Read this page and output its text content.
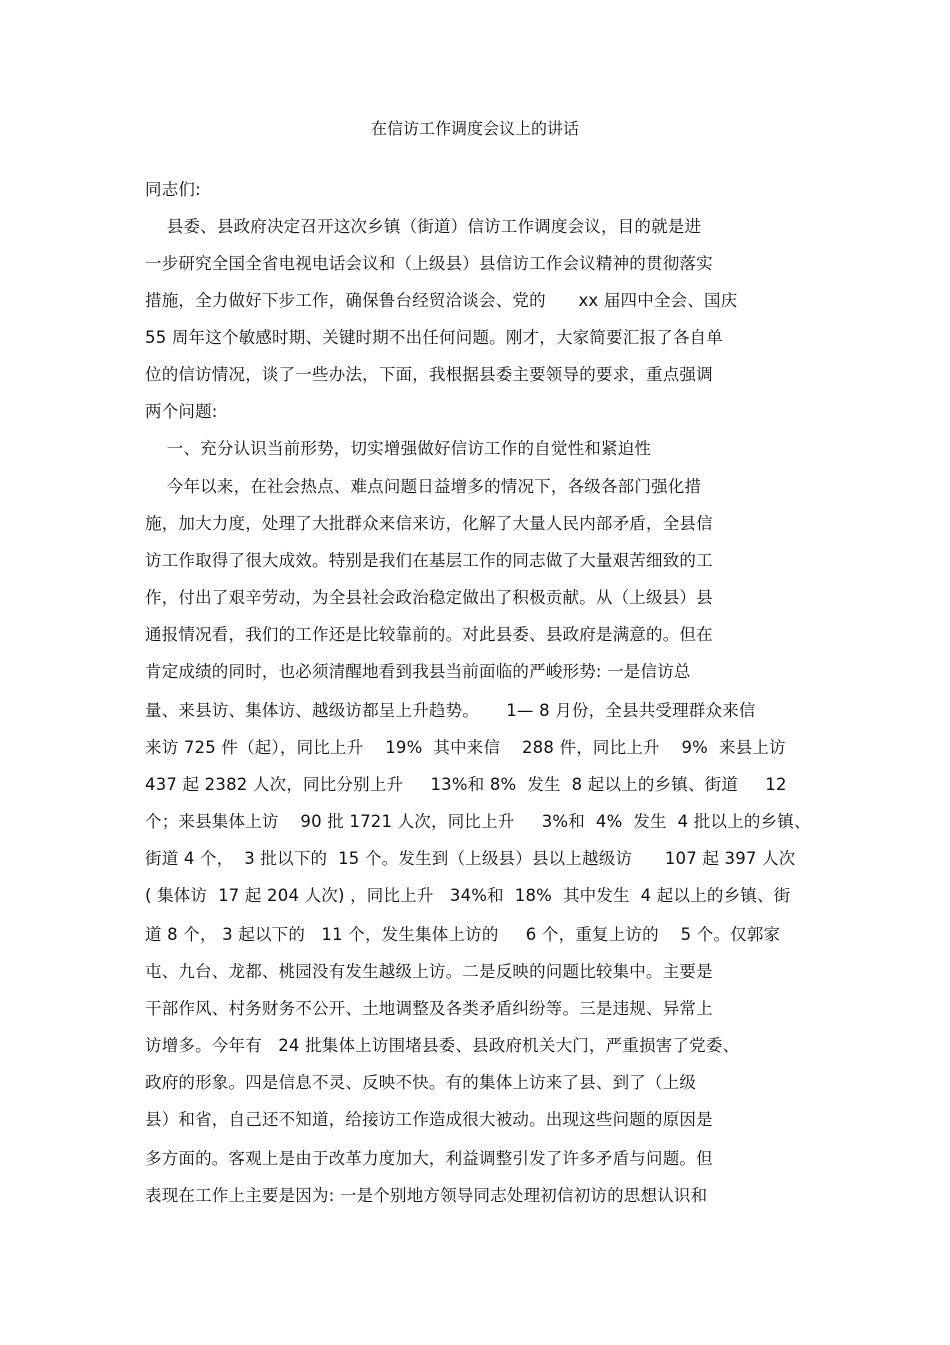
在信访工作调度会议上的讲话
同志们:
县委、县政府决定召开这次乡镇（街道）信访工作调度会议，目的就是进
一步研究全国全省电视电话会议和（上级县）县信访工作会议精神的贯彻落实
措施，全力做好下步工作，确保鲁台经贸洽谈会、党的      xx 届四中全会、国庆
55 周年这个敏感时期、关键时期不出任何问题。刚才，大家简要汇报了各自单
位的信访情况，谈了一些办法，下面，我根据县委主要领导的要求，重点强调
两个问题:
一、充分认识当前形势，切实增强做好信访工作的自觉性和紧迫性
今年以来，在社会热点、难点问题日益增多的情况下，各级各部门强化措
施，加大力度，处理了大批群众来信来访，化解了大量人民内部矛盾，全县信
访工作取得了很大成效。特别是我们在基层工作的同志做了大量艰苦细致的工
作，付出了艰辛劳动，为全县社会政治稳定做出了积极贡献。从（上级县）县
通报情况看，我们的工作还是比较靠前的。对此县委、县政府是满意的。但在
肯定成绩的同时，也必须清醒地看到我县当前面临的严峻形势: 一是信访总
量、来县访、集体访、越级访都呈上升趋势。     1— 8 月份，全县共受理群众来信
来访 725 件（起），同比上升    19%  其中来信    288 件，同比上升    9%  来县上访
437 起 2382 人次，同比分别上升     13%和 8%  发生  8 起以上的乡镇、街道     12
个；来县集体上访    90 批 1721 人次，同比上升     3%和  4%  发生  4 批以上的乡镇、
街道 4 个，  3 批以下的  15 个。发生到（上级县）县以上越级访      107 起 397 人次
( 集体访  17 起 204 人次) ，同比上升   34%和  18%  其中发生  4 起以上的乡镇、街
道 8 个， 3 起以下的   11 个，发生集体上访的     6 个，重复上访的    5 个。仅郭家
屯、九台、龙都、桃园没有发生越级上访。二是反映的问题比较集中。主要是
干部作风、村务财务不公开、土地调整及各类矛盾纠纷等。三是违规、异常上
访增多。今年有   24 批集体上访围堵县委、县政府机关大门，严重损害了党委、
政府的形象。四是信息不灵、反映不快。有的集体上访来了县、到了（上级
县）和省，自己还不知道，给接访工作造成很大被动。出现这些问题的原因是
多方面的。客观上是由于改革力度加大，利益调整引发了许多矛盾与问题。但
表现在工作上主要是因为: 一是个别地方领导同志处理初信初访的思想认识和
